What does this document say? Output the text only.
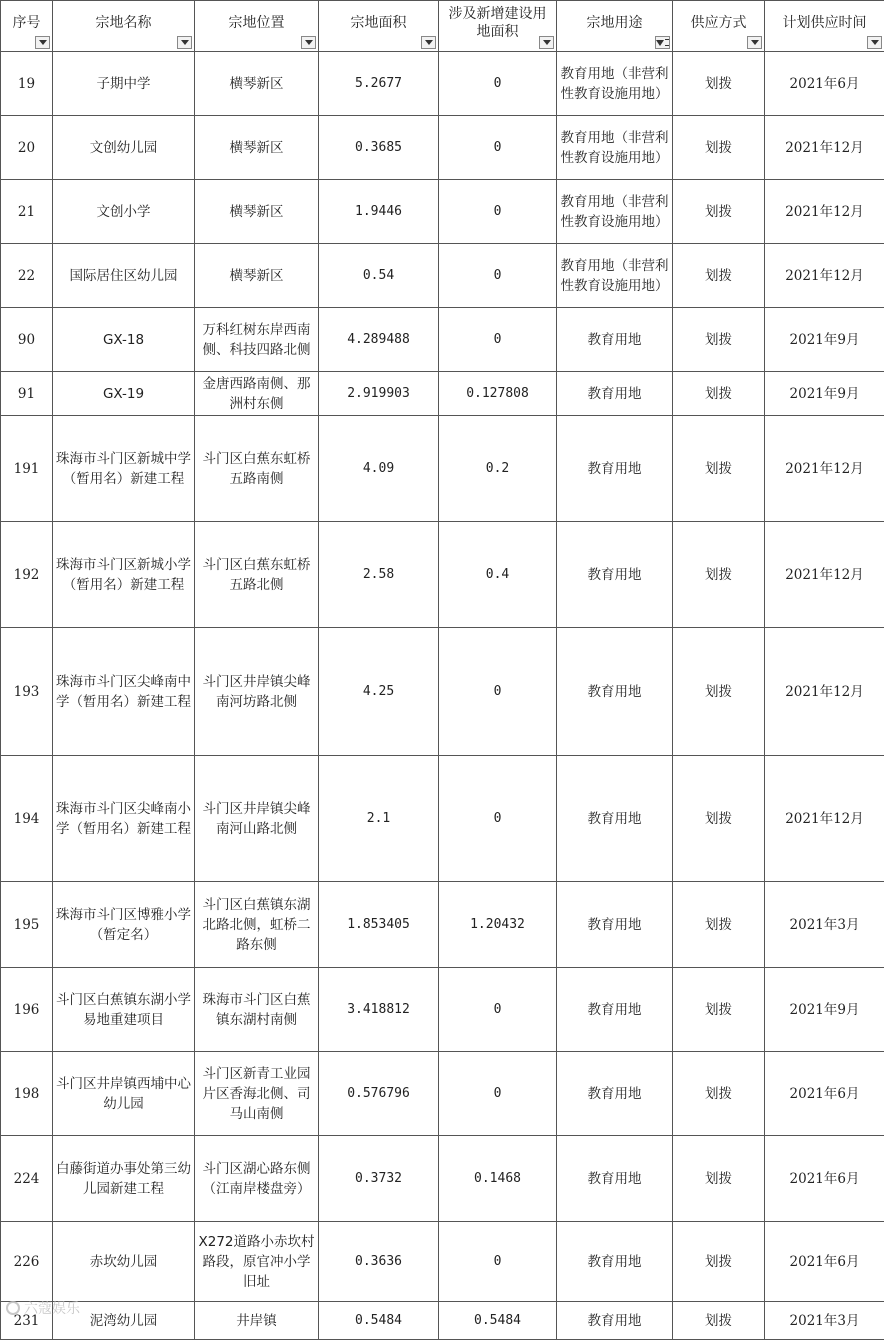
序号	宗地名称	宗地位置	宗地面积	涉及新增建设用地面积	宗地用途	供应方式	计划供应时间

19	子期中学	横琴新区	5.2677	0	教育用地（非营利性教育设施用地）	划拨	2021年6月
20	文创幼儿园	横琴新区	0.3685	0	教育用地（非营利性教育设施用地）	划拨	2021年12月
21	文创小学	横琴新区	1.9446	0	教育用地（非营利性教育设施用地）	划拨	2021年12月
22	国际居住区幼儿园	横琴新区	0.54	0	教育用地（非营利性教育设施用地）	划拨	2021年12月
90	GX-18	万科红树东岸西南侧、科技四路北侧	4.289488	0	教育用地	划拨	2021年9月
91	GX-19	金唐西路南侧、那洲村东侧	2.919903	0.127808	教育用地	划拨	2021年9月
191	珠海市斗门区新城中学（暂用名）新建工程	斗门区白蕉东虹桥五路南侧	4.09	0.2	教育用地	划拨	2021年12月
192	珠海市斗门区新城小学（暂用名）新建工程	斗门区白蕉东虹桥五路北侧	2.58	0.4	教育用地	划拨	2021年12月
193	珠海市斗门区尖峰南中学（暂用名）新建工程	斗门区井岸镇尖峰南河坊路北侧	4.25	0	教育用地	划拨	2021年12月
194	珠海市斗门区尖峰南小学（暂用名）新建工程	斗门区井岸镇尖峰南河山路北侧	2.1	0	教育用地	划拨	2021年12月
195	珠海市斗门区博雅小学（暂定名）	斗门区白蕉镇东湖北路北侧，虹桥二路东侧	1.853405	1.20432	教育用地	划拨	2021年3月
196	斗门区白蕉镇东湖小学易地重建项目	珠海市斗门区白蕉镇东湖村南侧	3.418812	0	教育用地	划拨	2021年9月
198	斗门区井岸镇西埔中心幼儿园	斗门区新青工业园片区香海北侧、司马山南侧	0.576796	0	教育用地	划拨	2021年6月
224	白藤街道办事处第三幼儿园新建工程	斗门区湖心路东侧（江南岸楼盘旁）	0.3732	0.1468	教育用地	划拨	2021年6月
226	赤坎幼儿园	X272道路小赤坎村路段，原官冲小学旧址	0.3636	0	教育用地	划拨	2021年6月
231	泥湾幼儿园	井岸镇	0.5484	0.5484	教育用地	划拨	2021年3月
六蔻娱乐
